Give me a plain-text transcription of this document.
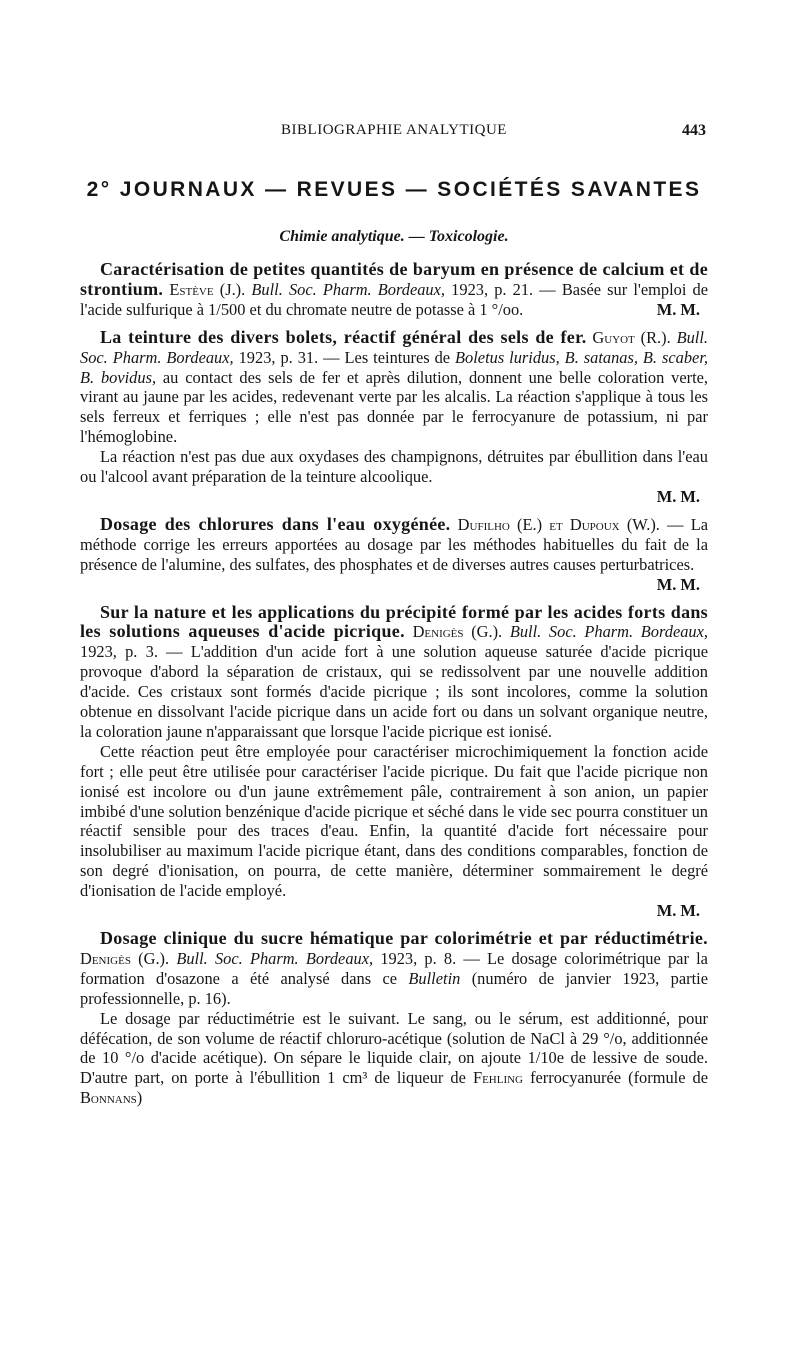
BIBLIOGRAPHIE ANALYTIQUE	443
2° JOURNAUX — REVUES — SOCIÉTÉS SAVANTES
Chimie analytique. — Toxicologie.

Caractérisation de petites quantités de baryum en présence de calcium et de strontium. Estève (J.). Bull. Soc. Pharm. Bordeaux, 1923, p. 21. — Basée sur l'emploi de l'acide sulfurique à 1/500 et du chromate neutre de potasse à 1 °/oo.	M. M.

La teinture des divers bolets, réactif général des sels de fer. Guyot (R.). Bull. Soc. Pharm. Bordeaux, 1923, p. 31. — Les teintures de Boletus luridus, B. satanas, B. scaber, B. bovidus, au contact des sels de fer et après dilution, donnent une belle coloration verte, virant au jaune par les acides, redevenant verte par les alcalis. La réaction s'applique à tous les sels ferreux et ferriques ; elle n'est pas donnée par le ferrocyanure de potassium, ni par l'hémoglobine.

La réaction n'est pas due aux oxydases des champignons, détruites par ébullition dans l'eau ou l'alcool avant préparation de la teinture alcoolique.

M. M.

Dosage des chlorures dans l'eau oxygénée. Dufilho (E.) et Dupoux (W.). — La méthode corrige les erreurs apportées au dosage par les méthodes habituelles du fait de la présence de l'alumine, des sulfates, des phosphates et de diverses autres causes perturbatrices.
M. M.

Sur la nature et les applications du précipité formé par les acides forts dans les solutions aqueuses d'acide picrique. Denigès (G.). Bull. Soc. Pharm. Bordeaux, 1923, p. 3. — L'addition d'un acide fort à une solution aqueuse saturée d'acide picrique provoque d'abord la séparation de cristaux, qui se redissolvent par une nouvelle addition d'acide. Ces cristaux sont formés d'acide picrique ; ils sont incolores, comme la solution obtenue en dissolvant l'acide picrique dans un acide fort ou dans un solvant organique neutre, la coloration jaune n'apparaissant que lorsque l'acide picrique est ionisé.

Cette réaction peut être employée pour caractériser microchimiquement la fonction acide fort ; elle peut être utilisée pour caractériser l'acide picrique. Du fait que l'acide picrique non ionisé est incolore ou d'un jaune extrêmement pâle, contrairement à son anion, un papier imbibé d'une solution benzénique d'acide picrique et séché dans le vide sec pourra constituer un réactif sensible pour des traces d'eau. Enfin, la quantité d'acide fort nécessaire pour insolubiliser au maximum l'acide picrique étant, dans des conditions comparables, fonction de son degré d'ionisation, on pourra, de cette manière, déterminer sommairement le degré d'ionisation de l'acide employé.

M. M.

Dosage clinique du sucre hématique par colorimétrie et par réductimétrie. Denigès (G.). Bull. Soc. Pharm. Bordeaux, 1923, p. 8. — Le dosage colorimétrique par la formation d'osazone a été analysé dans ce Bulletin (numéro de janvier 1923, partie professionnelle, p. 16).

Le dosage par réductimétrie est le suivant. Le sang, ou le sérum, est additionné, pour défécation, de son volume de réactif chloruro-acétique (solution de NaCl à 29 °/o, additionnée de 10 °/o d'acide acétique). On sépare le liquide clair, on ajoute 1/10e de lessive de soude. D'autre part, on porte à l'ébullition 1 cm³ de liqueur de Fehling ferrocyanurée (formule de Bonnans)
